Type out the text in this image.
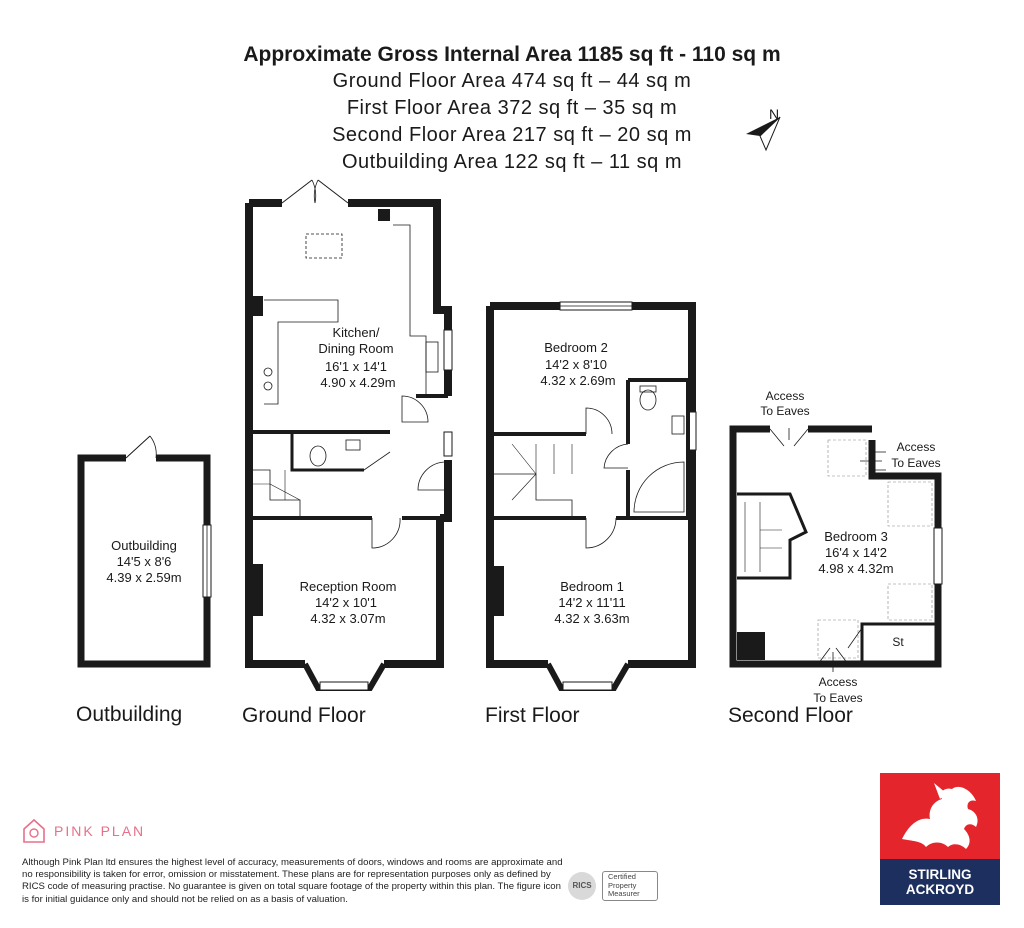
Approximate Gross Internal Area 1185 sq ft - 110 sq m
Ground Floor Area 474 sq ft – 44 sq m
First Floor Area 372 sq ft – 35 sq m
Second Floor Area 217 sq ft – 20 sq m
Outbuilding Area 122 sq ft – 11 sq m
N
Outbuilding
14'5 x 8'6
4.39 x 2.59m
Kitchen/
Dining Room
16'1 x 14'1
4.90 x 4.29m
Reception Room
14'2 x 10'1
4.32 x 3.07m
Bedroom 2
14'2 x 8'10
4.32 x 2.69m
Bedroom 1
14'2 x 11'11
4.32 x 3.63m
Access
To Eaves
Access
To Eaves
Access
To Eaves
Bedroom 3
16'4 x 14'2
4.98 x 4.32m
St
Outbuilding	Ground Floor	First Floor	Second Floor
PINK PLAN
Although Pink Plan ltd ensures the highest level of accuracy, measurements of doors, windows and rooms are approximate and no responsibility is taken for error, omission or misstatement. These plans are for representation purposes only as defined by RICS code of measuring practise. No guarantee is given on total square footage of the property within this plan. The figure icon is for initial guidance only and should not be relied on as a basis of valuation.
RICS
Certified
Property
Measurer
STIRLING
ACKROYD
